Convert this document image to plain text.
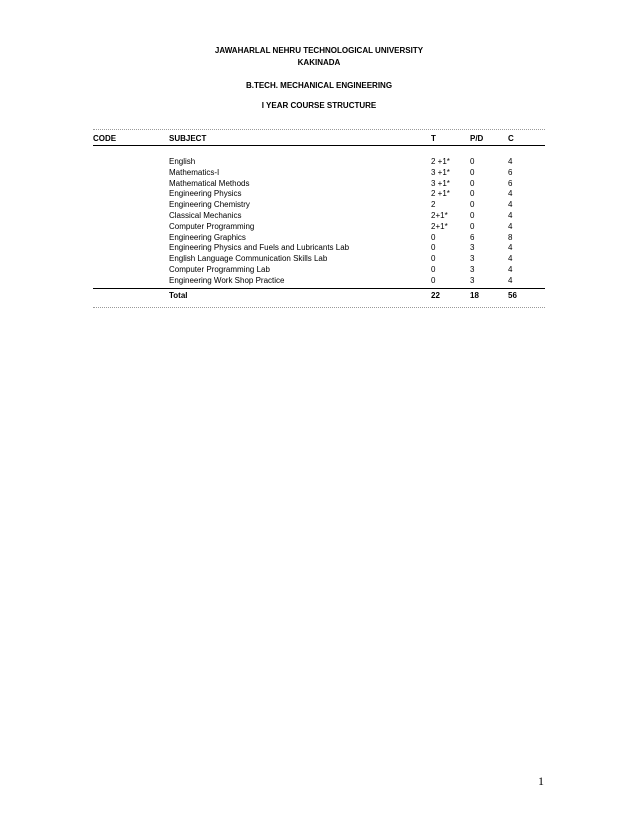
JAWAHARLAL NEHRU TECHNOLOGICAL UNIVERSITY
KAKINADA
B.TECH. MECHANICAL ENGINEERING
I YEAR COURSE STRUCTURE
CODE	SUBJECT	T	P/D	C
English	2 +1*	0	4
Mathematics-I	3 +1*	0	6
Mathematical Methods	3 +1*	0	6
Engineering Physics	2 +1*	0	4
Engineering Chemistry	2	0	4
Classical Mechanics	2+1*	0	4
Computer Programming	2+1*	0	4
Engineering Graphics	0	6	8
Engineering Physics and Fuels and Lubricants Lab	0	3	4
English Language Communication Skills Lab	0	3	4
Computer Programming Lab	0	3	4
Engineering Work Shop Practice	0	3	4
Total	22	18	56
1
